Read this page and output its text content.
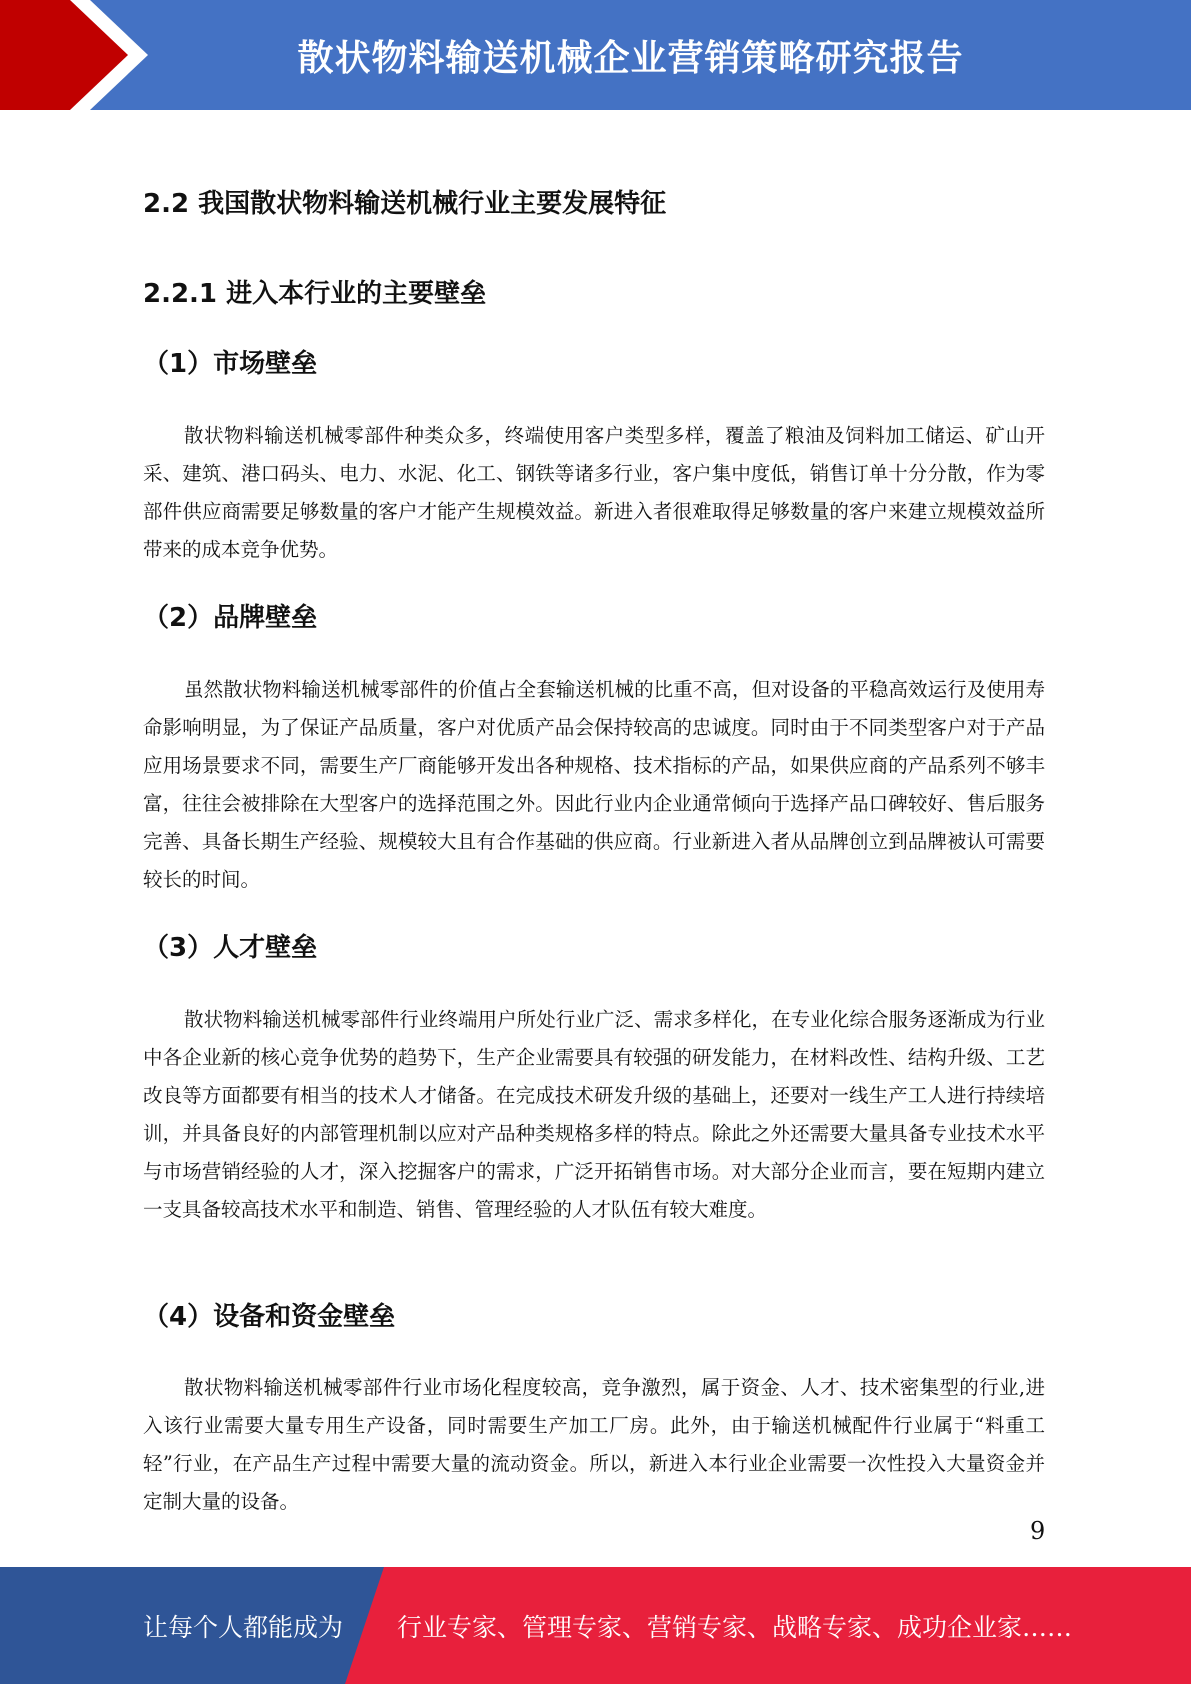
散状物料输送机械企业营销策略研究报告
2.2 我国散状物料输送机械行业主要发展特征
2.2.1 进入本行业的主要壁垒
（1）市场壁垒
散状物料输送机械零部件种类众多，终端使用客户类型多样，覆盖了粮油及饲料加工储运、矿山开采、建筑、港口码头、电力、水泥、化工、钢铁等诸多行业，客户集中度低，销售订单十分分散，作为零部件供应商需要足够数量的客户才能产生规模效益。新进入者很难取得足够数量的客户来建立规模效益所带来的成本竞争优势。
（2）品牌壁垒
虽然散状物料输送机械零部件的价值占全套输送机械的比重不高，但对设备的平稳高效运行及使用寿命影响明显，为了保证产品质量，客户对优质产品会保持较高的忠诚度。同时由于不同类型客户对于产品应用场景要求不同，需要生产厂商能够开发出各种规格、技术指标的产品，如果供应商的产品系列不够丰富，往往会被排除在大型客户的选择范围之外。因此行业内企业通常倾向于选择产品口碑较好、售后服务完善、具备长期生产经验、规模较大且有合作基础的供应商。行业新进入者从品牌创立到品牌被认可需要较长的时间。
（3）人才壁垒
散状物料输送机械零部件行业终端用户所处行业广泛、需求多样化，在专业化综合服务逐渐成为行业中各企业新的核心竞争优势的趋势下，生产企业需要具有较强的研发能力，在材料改性、结构升级、工艺改良等方面都要有相当的技术人才储备。在完成技术研发升级的基础上，还要对一线生产工人进行持续培训，并具备良好的内部管理机制以应对产品种类规格多样的特点。除此之外还需要大量具备专业技术水平与市场营销经验的人才，深入挖掘客户的需求，广泛开拓销售市场。对大部分企业而言，要在短期内建立一支具备较高技术水平和制造、销售、管理经验的人才队伍有较大难度。
（4）设备和资金壁垒
散状物料输送机械零部件行业市场化程度较高，竞争激烈，属于资金、人才、技术密集型的行业,进入该行业需要大量专用生产设备，同时需要生产加工厂房。此外，由于输送机械配件行业属于“料重工轻”行业，在产品生产过程中需要大量的流动资金。所以，新进入本行业企业需要一次性投入大量资金并定制大量的设备。
9
让每个人都能成为 行业专家、管理专家、营销专家、战略专家、成功企业家……
